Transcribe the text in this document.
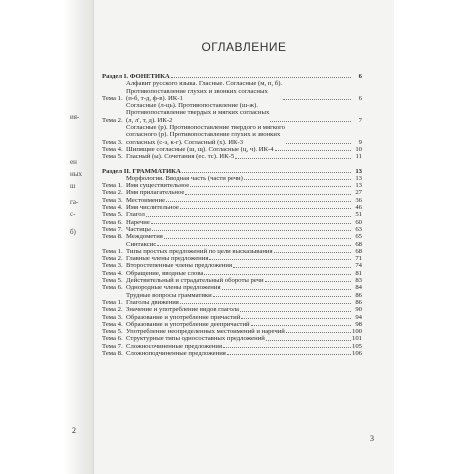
ия-
ен
ных
ш
га-
с-
б)
2
ОГЛАВЛЕНИЕ
Раздел I. ФОНЕТИКА	6
Тема 1.
Алфавит русского языка. Гласные. Согласные (м, п, б).
Противопоставление глухих и звонких согласных
(п-б, т-д, ф-в). ИК-1	6
Тема 2.
Согласные (л-ць). Противопоставление (ш-ж).
Противопоставление твердых и мягких согласных
(л, л', т, д). ИК-2	7
Тема 3.
Согласные (р). Противопоставление твердого и мягкого
согласного (р). Противопоставление глухих и звонких
согласных (с-з, к-г). Согласный (х). ИК-3	9
Тема 4. Шипящие согласные (ш, щ). Согласные (ц, ч). ИК-4	10
Тема 5. Гласный (ы). Сочетания (ес. тс). ИК-5	11
Раздел II. ГРАММАТИКА	13
Морфология. Вводная часть (части речи)	13
Тема 1. Имя существительное	13
Тема 2. Имя прилагательное	27
Тема 3. Местоимение	36
Тема 4. Имя числительное	46
Тема 5. Глагол	51
Тема 6. Наречие	60
Тема 7. Частицы	63
Тема 8. Междометия	65
Синтаксис	68
Тема 1. Типы простых предложений по цели высказывания	68
Тема 2. Главные члены предложения	71
Тема 3. Второстепенные члены предложения	74
Тема 4. Обращение, вводные слова	81
Тема 5. Действительный и страдательный обороты речи	83
Тема 6. Однородные члены предложения	84
Трудные вопросы грамматики	86
Тема 1. Глаголы движения	86
Тема 2. Значение и употребление видов глагола	90
Тема 3. Образование и употребление причастий	94
Тема 4. Образование и употребление деепричастий	98
Тема 5. Употребление неопределенных местоимений и наречий	100
Тема 6. Структурные типы односоставных предложений	101
Тема 7. Сложносочиненные предложения	105
Тема 8. Сложноподчиненные предложения	106
3
